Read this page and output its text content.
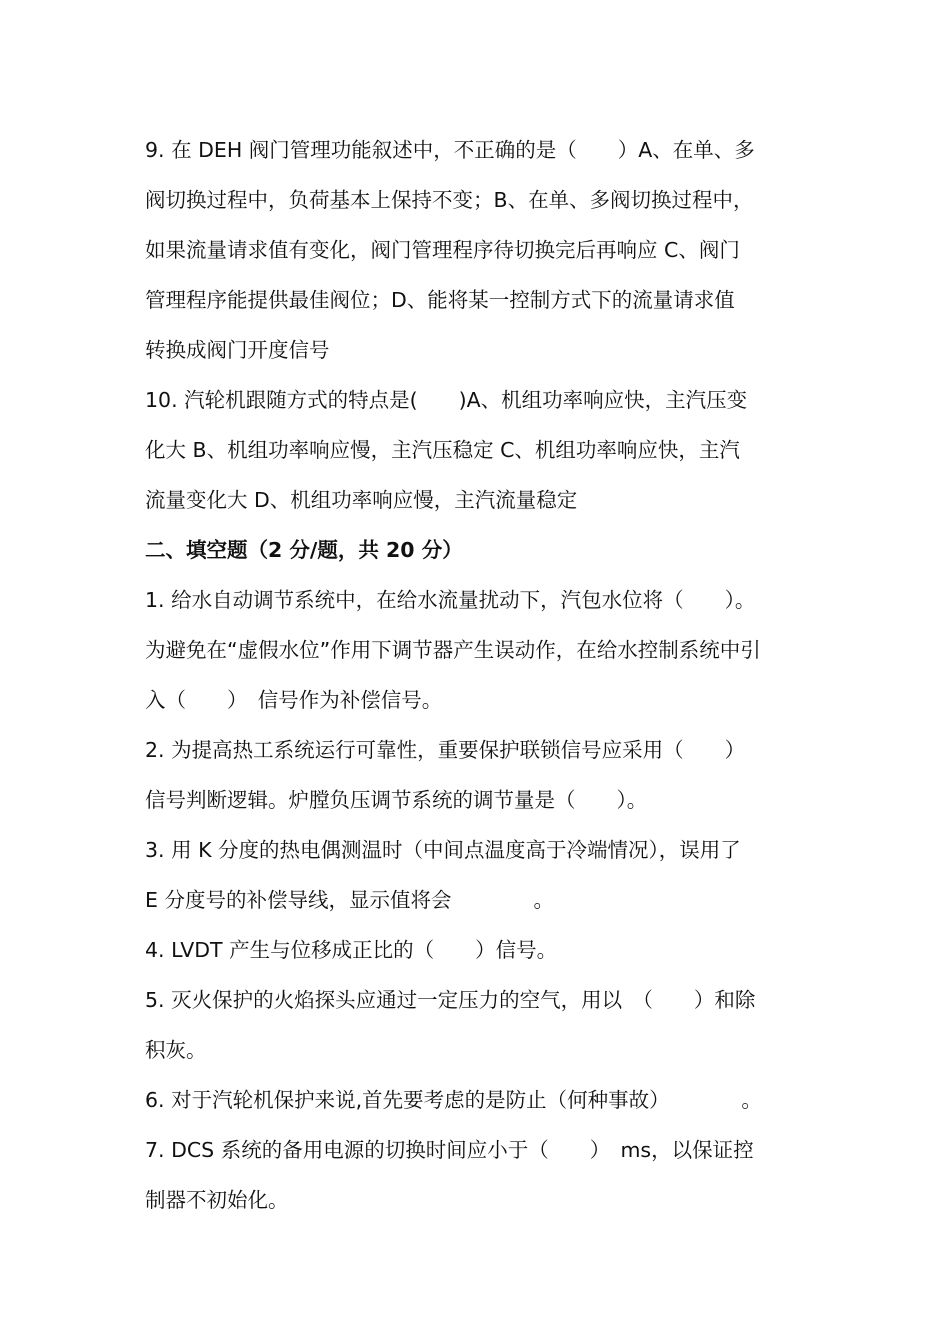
9. 在 DEH 阀门管理功能叙述中，不正确的是（　　）A、在单、多
阀切换过程中，负荷基本上保持不变；B、在单、多阀切换过程中，
如果流量请求值有变化，阀门管理程序待切换完后再响应 C、阀门
管理程序能提供最佳阀位；D、能将某一控制方式下的流量请求值
转换成阀门开度信号
10. 汽轮机跟随方式的特点是(　　)A、机组功率响应快，主汽压变
化大 B、机组功率响应慢，主汽压稳定 C、机组功率响应快，主汽
流量变化大 D、机组功率响应慢，主汽流量稳定
二、填空题（2 分/题，共 20 分）
1. 给水自动调节系统中，在给水流量扰动下，汽包水位将（　　）。
为避免在“虚假水位”作用下调节器产生误动作，在给水控制系统中引
入（　　）　信号作为补偿信号。
2. 为提高热工系统运行可靠性，重要保护联锁信号应采用（　　）
信号判断逻辑。炉膛负压调节系统的调节量是（　　）。
3. 用 K 分度的热电偶测温时（中间点温度高于冷端情况），误用了
E 分度号的补偿导线，显示值将会　　　　。
4. LVDT 产生与位移成正比的（　　）信号。
5. 灭火保护的火焰探头应通过一定压力的空气，用以　（　　）和除
积灰。
6. 对于汽轮机保护来说,首先要考虑的是防止（何种事故）　　　　。
7. DCS 系统的备用电源的切换时间应小于（　　）　ms，以保证控
制器不初始化。
